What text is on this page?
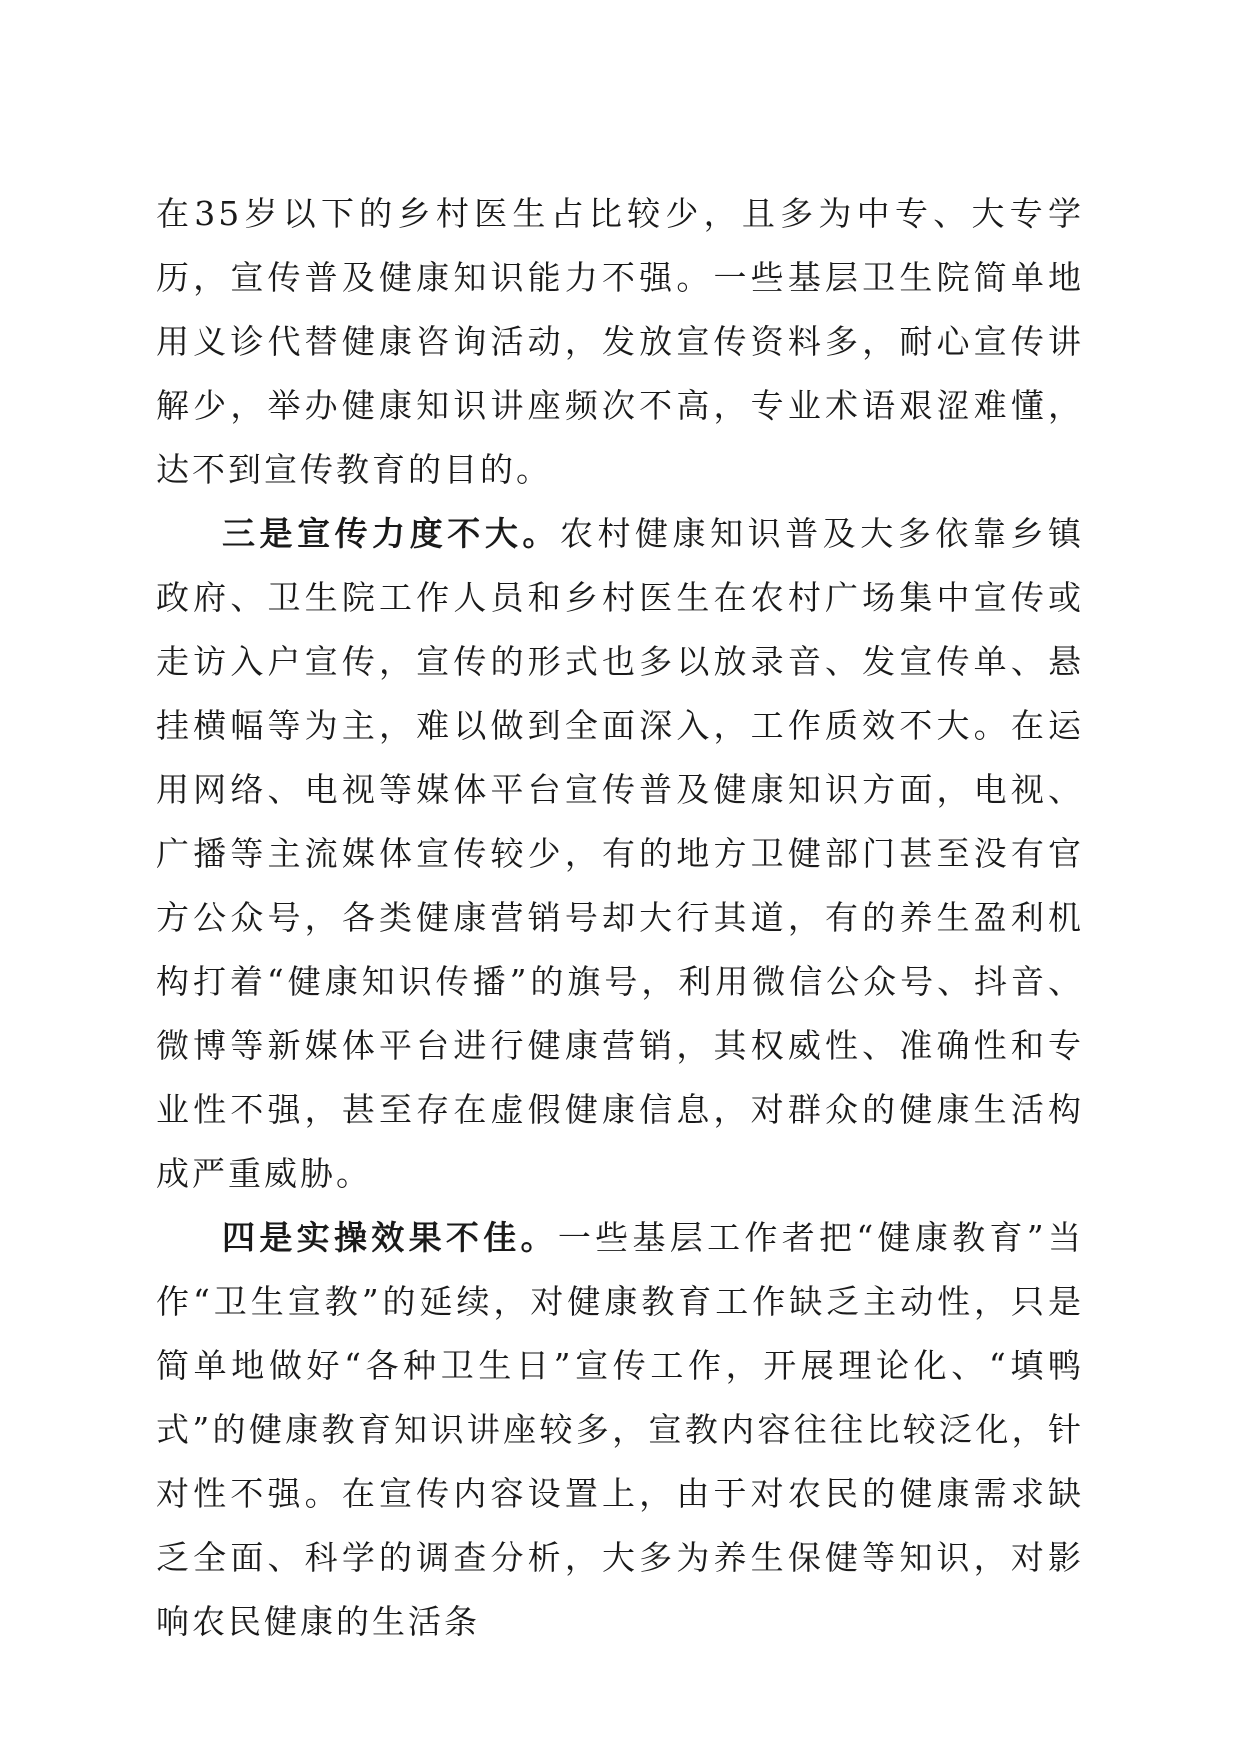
在35岁以下的乡村医生占比较少，且多为中专、大专学历，宣传普及健康知识能力不强。一些基层卫生院简单地用义诊代替健康咨询活动，发放宣传资料多，耐心宣传讲解少，举办健康知识讲座频次不高，专业术语艰涩难懂，达不到宣传教育的目的。

三是宣传力度不大。农村健康知识普及大多依靠乡镇政府、卫生院工作人员和乡村医生在农村广场集中宣传或走访入户宣传，宣传的形式也多以放录音、发宣传单、悬挂横幅等为主，难以做到全面深入，工作质效不大。在运用网络、电视等媒体平台宣传普及健康知识方面，电视、广播等主流媒体宣传较少，有的地方卫健部门甚至没有官方公众号，各类健康营销号却大行其道，有的养生盈利机构打着“健康知识传播”的旗号，利用微信公众号、抖音、微博等新媒体平台进行健康营销，其权威性、准确性和专业性不强，甚至存在虚假健康信息，对群众的健康生活构成严重威胁。

四是实操效果不佳。一些基层工作者把“健康教育”当作“卫生宣教”的延续，对健康教育工作缺乏主动性，只是简单地做好“各种卫生日”宣传工作，开展理论化、“填鸭式”的健康教育知识讲座较多，宣教内容往往比较泛化，针对性不强。在宣传内容设置上，由于对农民的健康需求缺乏全面、科学的调查分析，大多为养生保健等知识，对影响农民健康的生活条
